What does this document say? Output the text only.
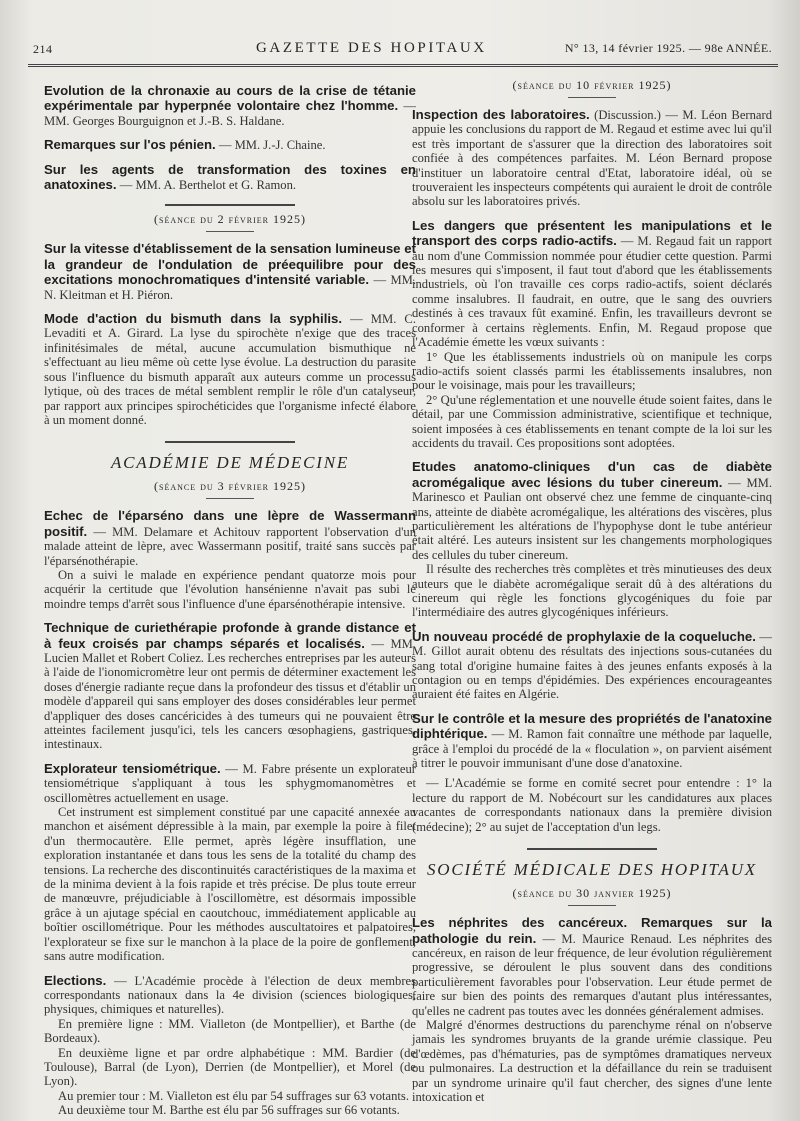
214	GAZETTE DES HOPITAUX	N° 13, 14 février 1925. — 98e ANNÉE.
Evolution de la chronaxie au cours de la crise de tétanie expérimentale par hyperpnée volontaire chez l'homme. — MM. Georges Bourguignon et J.-B. S. Haldane.
Remarques sur l'os pénien. — MM. J.-J. Chaine.
Sur les agents de transformation des toxines en anatoxines. — MM. A. Berthelot et G. Ramon.
(séance du 2 février 1925)
Sur la vitesse d'établissement de la sensation lumineuse et la grandeur de l'ondulation de préequilibre pour des excitations monochromatiques d'intensité variable. — MM. N. Kleitman et H. Piéron.
Mode d'action du bismuth dans la syphilis. — MM. C. Levaditi et A. Girard. La lyse du spirochète n'exige que des traces infinitésimales de métal, aucune accumulation bismuthique ne s'effectuant au lieu même où cette lyse évolue. La destruction du parasite sous l'influence du bismuth apparaît aux auteurs comme un processus lytique, où des traces de métal semblent remplir le rôle d'un catalyseur, par rapport aux principes spirochéticides que l'organisme infecté élabore à un moment donné.
ACADÉMIE DE MÉDECINE
(séance du 3 février 1925)
Echec de l'éparséno dans une lèpre de Wassermann positif. — MM. Delamare et Achitouv rapportent l'observation d'un malade atteint de lèpre, avec Wassermann positif, traité sans succès par l'éparsénothérapie.
On a suivi le malade en expérience pendant quatorze mois pour acquérir la certitude que l'évolution hansénienne n'avait pas subi le moindre temps d'arrêt sous l'influence d'une éparsénothérapie intensive.
Technique de curiethérapie profonde à grande distance et à feux croisés par champs séparés et localisés. — MM. Lucien Mallet et Robert Coliez. Les recherches entreprises par les auteurs à l'aide de l'ionomicromètre leur ont permis de déterminer exactement les doses d'énergie radiante reçue dans la profondeur des tissus et d'établir un modèle d'appareil qui sans employer des doses considérables leur permet d'appliquer des doses cancéricides à des tumeurs qui ne pouvaient être atteintes facilement jusqu'ici, tels les cancers œsophagiens, gastriques, intestinaux.
Explorateur tensiométrique. — M. Fabre présente un explorateur tensiométrique s'appliquant à tous les sphygmomanomètres et oscillomètres actuellement en usage.
Cet instrument est simplement constitué par une capacité annexée au manchon et aisément dépressible à la main, par exemple la poire à filet d'un thermocautère. Elle permet, après légère insufflation, une exploration instantanée et dans tous les sens de la totalité du champ des tensions. La recherche des discontinuités caractéristiques de la maxima et de la minima devient à la fois rapide et très précise. De plus toute erreur de manœuvre, préjudiciable à l'oscillomètre, est désormais impossible grâce à un ajutage spécial en caoutchouc, immédiatement applicable au boîtier oscillométrique. Pour les méthodes auscultatoires et palpatoires, l'explorateur se fixe sur le manchon à la place de la poire de gonflement, sans autre modification.
Elections. — L'Académie procède à l'élection de deux membres correspondants nationaux dans la 4e division (sciences biologiques, physiques, chimiques et naturelles).
En première ligne : MM. Vialleton (de Montpellier), et Barthe (de Bordeaux).
En deuxième ligne et par ordre alphabétique : MM. Bardier (de Toulouse), Barral (de Lyon), Derrien (de Montpellier), et Morel (de Lyon).
Au premier tour : M. Vialleton est élu par 54 suffrages sur 63 votants.
Au deuxième tour M. Barthe est élu par 56 suffrages sur 66 votants.
(séance du 10 février 1925)
Inspection des laboratoires. (Discussion.) — M. Léon Bernard appuie les conclusions du rapport de M. Regaud et estime avec lui qu'il est très important de s'assurer que la direction des laboratoires soit confiée à des compétences parfaites. M. Léon Bernard propose d'instituer un laboratoire central d'Etat, laboratoire idéal, où se trouveraient les inspecteurs compétents qui auraient le droit de contrôle absolu sur les laboratoires privés.
Les dangers que présentent les manipulations et le transport des corps radio-actifs. — M. Regaud fait un rapport au nom d'une Commission nommée pour étudier cette question. Parmi les mesures qui s'imposent, il faut tout d'abord que les établissements industriels, où l'on travaille ces corps radio-actifs, soient déclarés comme insalubres. Il faudrait, en outre, que le sang des ouvriers destinés à ces travaux fût examiné. Enfin, les travailleurs devront se conformer à certains règlements. Enfin, M. Regaud propose que l'Académie émette les vœux suivants :
1° Que les établissements industriels où on manipule les corps radio-actifs soient classés parmi les établissements insalubres, non pour le voisinage, mais pour les travailleurs;
2° Qu'une réglementation et une nouvelle étude soient faites, dans le détail, par une Commission administrative, scientifique et technique, soient imposées à ces établissements en tenant compte de la loi sur les accidents du travail. Ces propositions sont adoptées.
Etudes anatomo-cliniques d'un cas de diabète acromégalique avec lésions du tuber cinereum. — MM. Marinesco et Paulian ont observé chez une femme de cinquante-cinq ans, atteinte de diabète acromégalique, les altérations des viscères, plus particulièrement les altérations de l'hypophyse dont le tube antérieur était altéré. Les auteurs insistent sur les changements morphologiques des cellules du tuber cinereum.
Il résulte des recherches très complètes et très minutieuses des deux auteurs que le diabète acromégalique serait dû à des altérations du cinereum qui règle les fonctions glycogéniques du foie par l'intermédiaire des autres glycogéniques inférieurs.
Un nouveau procédé de prophylaxie de la coqueluche. — M. Gillot aurait obtenu des résultats des injections sous-cutanées du sang total d'origine humaine faites à des jeunes enfants exposés à la contagion ou en temps d'épidémies. Des expériences encourageantes auraient été faites en Algérie.
Sur le contrôle et la mesure des propriétés de l'anatoxine diphtérique. — M. Ramon fait connaître une méthode par laquelle, grâce à l'emploi du procédé de la « floculation », on parvient aisément à titrer le pouvoir immunisant d'une dose d'anatoxine.
— L'Académie se forme en comité secret pour entendre : 1° la lecture du rapport de M. Nobécourt sur les candidatures aux places vacantes de correspondants nationaux dans la première division (médecine); 2° au sujet de l'acceptation d'un legs.
SOCIÉTÉ MÉDICALE DES HOPITAUX
(séance du 30 janvier 1925)
Les néphrites des cancéreux. Remarques sur la pathologie du rein. — M. Maurice Renaud. Les néphrites des cancéreux, en raison de leur fréquence, de leur évolution régulièrement progressive, se déroulent le plus souvent dans des conditions particulièrement favorables pour l'observation. Leur étude permet de faire sur bien des points des remarques d'autant plus intéressantes, qu'elles ne cadrent pas toutes avec les données généralement admises.
Malgré d'énormes destructions du parenchyme rénal on n'observe jamais les syndromes bruyants de la grande urémie classique. Peu d'œdèmes, pas d'hématuries, pas de symptômes dramatiques nerveux ou pulmonaires. La destruction et la défaillance du rein se traduisent par un syndrome urinaire qu'il faut chercher, des signes d'une lente intoxication et
